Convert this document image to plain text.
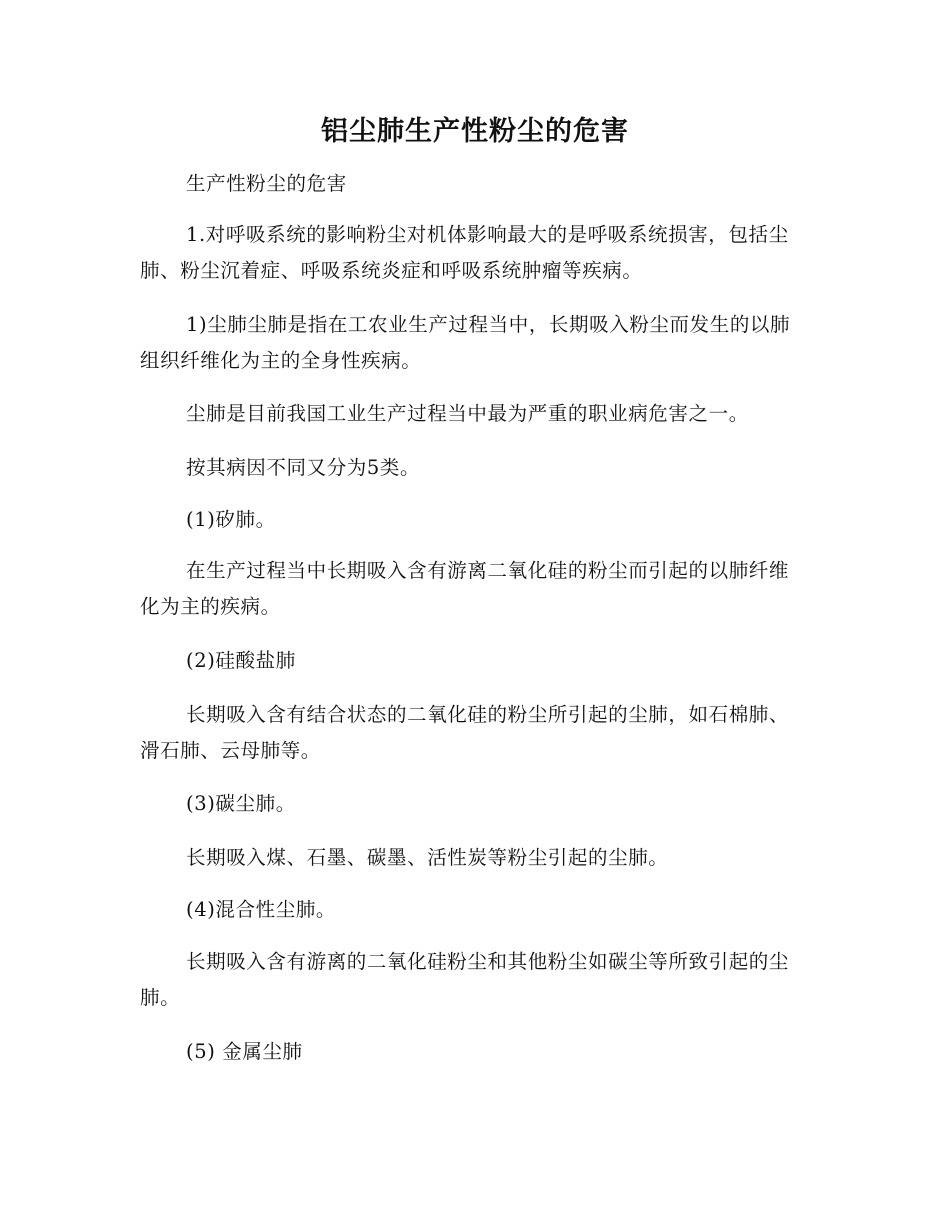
铝尘肺生产性粉尘的危害

生产性粉尘的危害

1.对呼吸系统的影响粉尘对机体影响最大的是呼吸系统损害，包括尘肺、粉尘沉着症、呼吸系统炎症和呼吸系统肿瘤等疾病。

1)尘肺尘肺是指在工农业生产过程当中，长期吸入粉尘而发生的以肺组织纤维化为主的全身性疾病。

尘肺是目前我国工业生产过程当中最为严重的职业病危害之一。

按其病因不同又分为5类。

(1)矽肺。

在生产过程当中长期吸入含有游离二氧化硅的粉尘而引起的以肺纤维化为主的疾病。

(2)硅酸盐肺

长期吸入含有结合状态的二氧化硅的粉尘所引起的尘肺，如石棉肺、滑石肺、云母肺等。

(3)碳尘肺。

长期吸入煤、石墨、碳墨、活性炭等粉尘引起的尘肺。

(4)混合性尘肺。

长期吸入含有游离的二氧化硅粉尘和其他粉尘如碳尘等所致引起的尘肺。

(5) 金属尘肺
